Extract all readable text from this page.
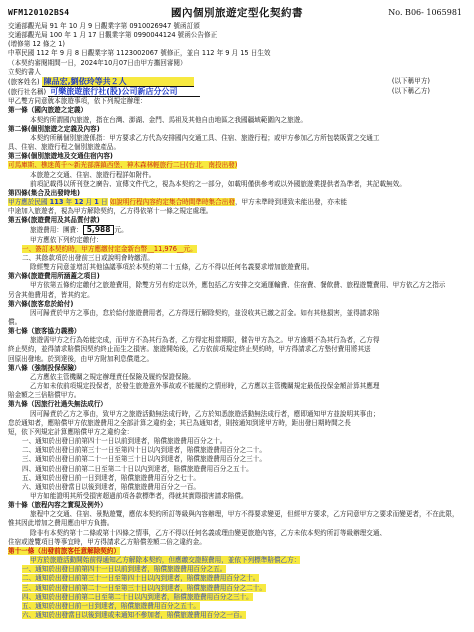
WFM120102BS4	國內個別旅遊定型化契約書	No. B06- 1065981
交通部觀光局 91 年 10 月 9 日觀業字第 0910026947 號函訂頒
交通部觀光局 100 年 1 月 17 日觀業字第 0990044124 號函公告修正
(增修第 12 條之 1)
中華民國 112 年 9 月 8 日觀業字第 1123002067 號修正，並自 112 年 9 月 15 日生效
（本契約審閱期間一日，2024年10月07日由甲方攜回審閱）
立契約書人
(旅客姓名) 陳品宏,劉依玲等共２人	(以下稱甲方)
(旅行社名稱) 可樂旅遊旅行社(股)公司新店分公司	(以下稱乙方)
甲乙雙方同意就本旅遊事項，依下列規定辦理：
第一條（國內旅遊之定義）
本契約所謂國內旅遊，指在台灣、澎湖、金門、馬祖及其他自由地區之我國疆域範圍內之旅遊。
第二條(個別旅遊之定義及內容)
本契約所稱個別旅遊係指：甲方要求乙方代為安排國內交通工具、住宿、旅遊行程；或甲方參加乙方所包裝販賣之交通工
具、住宿、旅遊行程之個別旅遊產品。
第三條(個別旅遊地及交通住宿內容)
可馬庫斯、樵迷萬千～新光部落鎮西堡、神木森林輕旅行二日(台北．南投出發)
本旅遊之交通、住宿、旅遊行程詳如附件。
前項記載得以所刊登之廣告、宣傳文件代之，視為本契約之一部分，如載明僅供參考或以外國旅遊業提供者為準者，其記載無效。
第四條(集合及出發時地)
甲方應於民國 113 年 12 月 1 日 如說明行程內容約定集合時間準時集合出發，甲方未準時到達致未能出發，亦未能
中途加入旅遊者，視為甲方解除契約，乙方得依第十一條之規定處理。
第五條(旅遊費用及其品質付款)
旅遊費用：團費： 5,988 元。
甲方應依下列約定繳付：
一、簽訂本契約時，甲方應繳付定金新台幣__11,976__元。
二、其餘款項於出發前三日或說明會時繳清。
除經雙方同意並增訂其他協議事項於本契約第二十五條，乙方不得以任何名義要求增加旅遊費用。
第六條(旅遊費用所涵蓋之項目)
甲方依第五條約定繳付之旅遊費用，除雙方另有約定以外，應包括乙方安排之交通運輸費、住宿費、餐飲費、旅程遊覽費用、甲方依乙方之指示
另含其他費用者，皆其約定。
第六條(旅客怠於給付)
因可歸責於甲方之事由，怠於給付旅遊費用者，乙方得逕行解除契約，並沒收其已繳之訂金。如有其他損害，並得請求賠
償。
第七條（旅客協力義務）
旅遊需甲方之行為始能完成，而甲方不為其行為者，乙方得定相當期限，催告甲方為之。甲方逾期不為其行為者，乙方得
終止契約，並得請求賠償因契約終止而生之損害。旅遊開始後，乙方依前項規定終止契約時，甲方得請求乙方墊付費用將其送
回原出發地。於到達後，由甲方附加利息償還之。
第八條（強制投保保險）
乙方應依主管機關之規定辦理責任保險及履約保證保險。
乙方如未依前項規定投保者，於發生旅遊意外事故或不能履約之情形時，乙方應以主管機關規定最低投保金額計算其應理
賠金額之三倍賠償甲方。
第九條（因旅行社過失無法成行）
因可歸責於乙方之事由，致甲方之旅遊活動無法成行時，乙方於知悉旅遊活動無法成行者，應即通知甲方並說明其事由；
怠於通知者，應賠償甲方依旅遊費用之全部計算之違約金；其已為通知者，則按通知到達甲方時，距出發日期時間之長
短，依下列規定計算應賠償甲方之違約金：
一、通知於出發日前第四十一日以前到達者，賠償旅遊費用百分之十。
二、通知於出發日前第三十一日至第四十日以內到達者，賠償旅遊費用百分之二十。
三、通知於出發日前第二十一日至第三十日以內到達者，賠償旅遊費用百分之三十。
四、通知於出發日前第二日至第二十日以內到達者，賠償旅遊費用百分之五十。
五、通知於出發日前一日到達者，賠償旅遊費用百分之七十。
六、通知於出發當日以後到達者，賠償旅遊費用百分之一百。
甲方如能證明其所受損害超過前項各款標準者，得就其實際損害請求賠償。
第十條（旅程內容之實現及例外）
旅程中之交通、住宿、景點遊覽，應依本契約所訂等級與內容辦理，甲方不得要求變更，但經甲方要求，乙方同意甲方之要求而變更者，不在此限，
惟其因此增加之費用應由甲方負擔。
除非有本契約第十二條或第十四條之情事，乙方不得以任何名義或理由變更旅遊內容，乙方未依本契約所訂等級辦理交通、
住宿或遊覽項目等事宜時，甲方得請求乙方賠償差額二倍之違約金。
第十一條（出發前旅客任意解除契約）
甲方於旅遊活動開始前得通知乙方解除本契約，但應繳交證照費用，並依下列標準賠償乙方：
一、通知於出發日前第四十一日以前到達者，賠償旅遊費用百分之五。
二、通知於出發日前第三十一日至第四十日以內到達者，賠償旅遊費用百分之十。
三、通知於出發日前第二十一日至第三十日以內到達者，賠償旅遊費用百分之二十。
四、通知於出發日前第二日至第二十日以內到達者，賠償旅遊費用百分之三十。
五、通知於出發日前一日到達者，賠償旅遊費用百分之五十。
六、通知於出發當日以後到達或未通知不參加者，賠償旅遊費用百分之一百。
